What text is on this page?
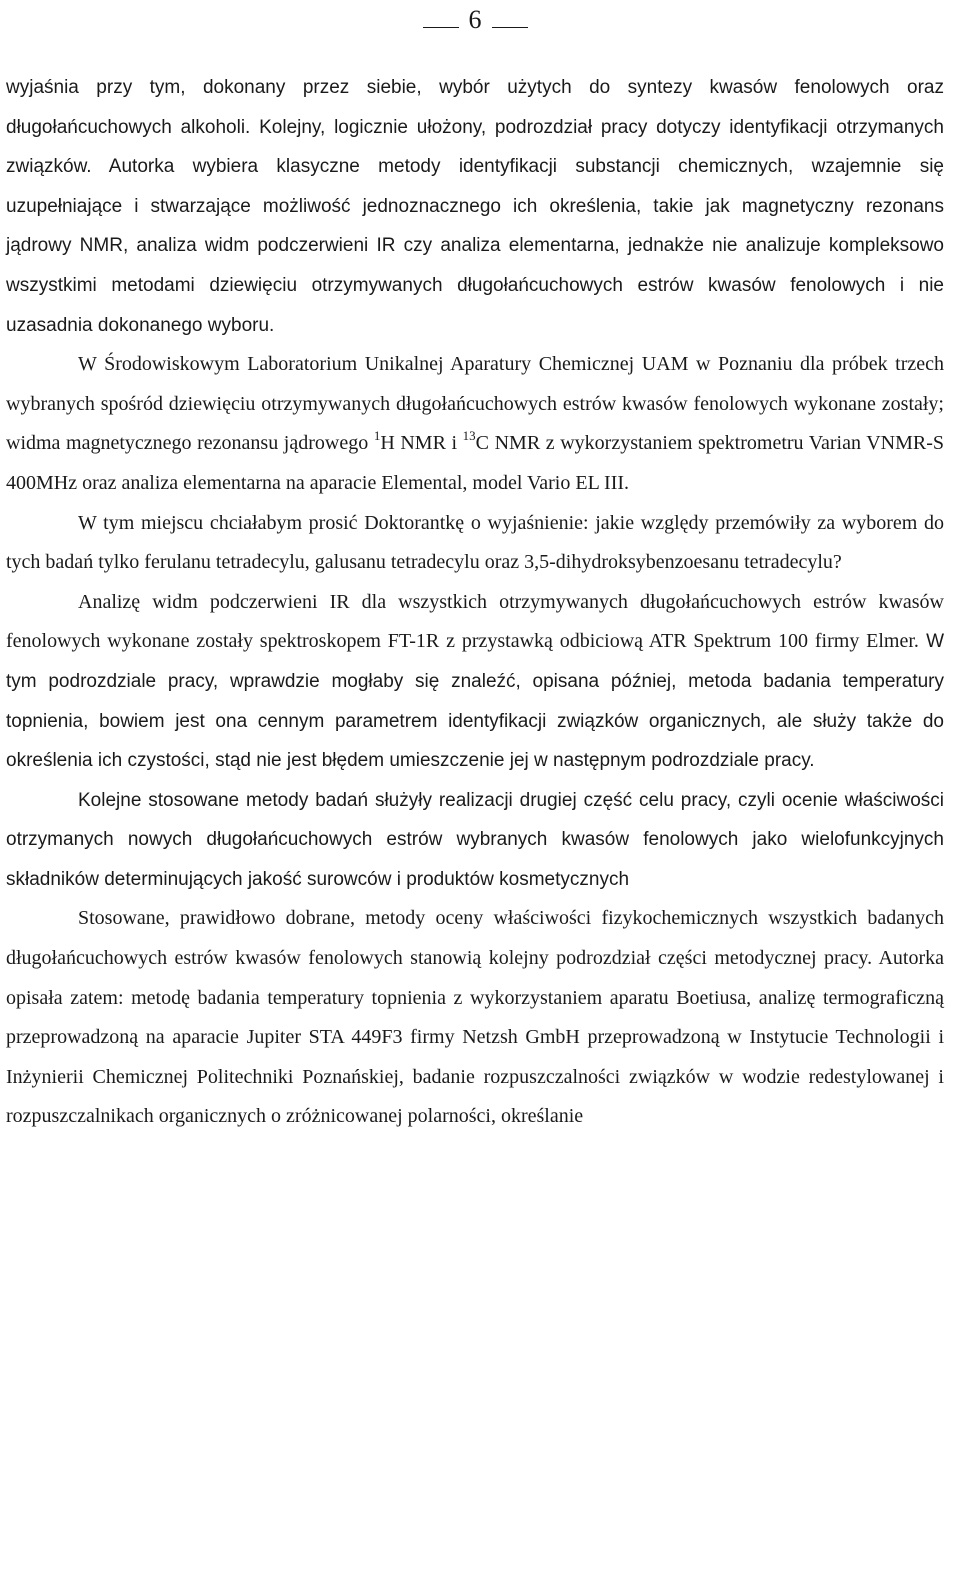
6

wyjaśnia przy tym, dokonany przez siebie, wybór użytych do syntezy kwasów fenolowych oraz długołańcuchowych alkoholi. Kolejny, logicznie ułożony, podrozdział pracy dotyczy identyfikacji otrzymanych związków. Autorka wybiera klasyczne metody identyfikacji substancji chemicznych, wzajemnie się uzupełniające i stwarzające możliwość jednoznacznego ich określenia, takie jak magnetyczny rezonans jądrowy NMR, analiza widm podczerwieni IR czy analiza elementarna, jednakże nie analizuje kompleksowo wszystkimi metodami dziewięciu otrzymywanych długołańcuchowych estrów kwasów fenolowych i nie uzasadnia dokonanego wyboru.

W Środowiskowym Laboratorium Unikalnej Aparatury Chemicznej UAM w Poznaniu dla próbek trzech wybranych spośród dziewięciu otrzymywanych długołańcuchowych estrów kwasów fenolowych wykonane zostały; widma magnetycznego rezonansu jądrowego $^1$H NMR i $^{13}$C NMR z wykorzystaniem spektrometru Varian VNMR-S 400MHz oraz analiza elementarna na aparacie Elemental, model Vario EL III.

W tym miejscu chciałabym prosić Doktorantkę o wyjaśnienie: jakie względy przemówiły za wyborem do tych badań tylko ferulanu tetradecylu, galusanu tetradecylu oraz 3,5-dihydroksybenzoesanu tetradecylu?

Analizę widm podczerwieni IR dla wszystkich otrzymywanych długołańcuchowych estrów kwasów fenolowych wykonane zostały spektroskopem FT-1R z przystawką odbiciową ATR Spektrum 100 firmy Elmer. W tym podrozdziale pracy, wprawdzie mogłaby się znaleźć, opisana później, metoda badania temperatury topnienia, bowiem jest ona cennym parametrem identyfikacji związków organicznych, ale służy także do określenia ich czystości, stąd nie jest błędem umieszczenie jej w następnym podrozdziale pracy.

Kolejne stosowane metody badań służyły realizacji drugiej część celu pracy, czyli ocenie właściwości otrzymanych nowych długołańcuchowych estrów wybranych kwasów fenolowych jako wielofunkcyjnych składników determinujących jakość surowców i produktów kosmetycznych

Stosowane, prawidłowo dobrane, metody oceny właściwości fizykochemicznych wszystkich badanych długołańcuchowych estrów kwasów fenolowych stanowią kolejny podrozdział części metodycznej pracy. Autorka opisała zatem: metodę badania temperatury topnienia z wykorzystaniem aparatu Boetiusa, analizę termograficzną przeprowadzoną na aparacie Jupiter STA 449F3 firmy Netzsh GmbH przeprowadzoną w Instytucie Technologii i Inżynierii Chemicznej Politechniki Poznańskiej, badanie rozpuszczalności związków w wodzie redestylowanej i rozpuszczalnikach organicznych o zróżnicowanej polarności, określanie
